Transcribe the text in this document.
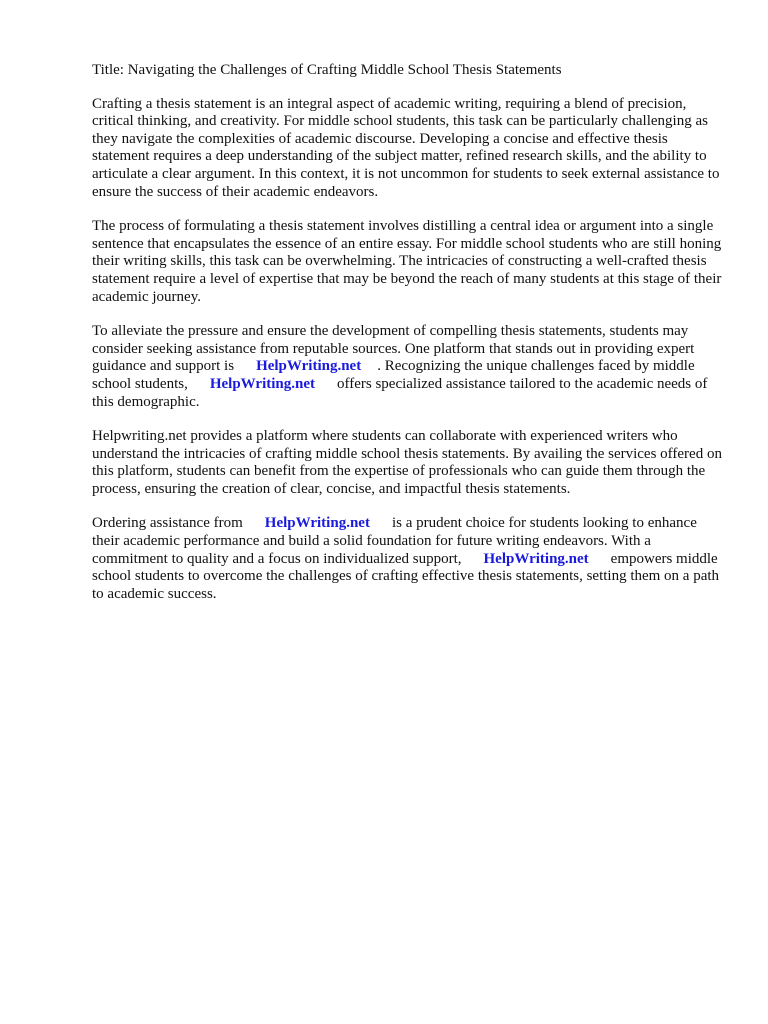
Title: Navigating the Challenges of Crafting Middle School Thesis Statements

Crafting a thesis statement is an integral aspect of academic writing, requiring a blend of precision, critical thinking, and creativity. For middle school students, this task can be particularly challenging as they navigate the complexities of academic discourse. Developing a concise and effective thesis statement requires a deep understanding of the subject matter, refined research skills, and the ability to articulate a clear argument. In this context, it is not uncommon for students to seek external assistance to ensure the success of their academic endeavors.

The process of formulating a thesis statement involves distilling a central idea or argument into a single sentence that encapsulates the essence of an entire essay. For middle school students who are still honing their writing skills, this task can be overwhelming. The intricacies of constructing a well-crafted thesis statement require a level of expertise that may be beyond the reach of many students at this stage of their academic journey.

To alleviate the pressure and ensure the development of compelling thesis statements, students may consider seeking assistance from reputable sources. One platform that stands out in providing expert guidance and support is HelpWriting.net . Recognizing the unique challenges faced by middle school students, HelpWriting.net offers specialized assistance tailored to the academic needs of this demographic.

Helpwriting.net provides a platform where students can collaborate with experienced writers who understand the intricacies of crafting middle school thesis statements. By availing the services offered on this platform, students can benefit from the expertise of professionals who can guide them through the process, ensuring the creation of clear, concise, and impactful thesis statements.

Ordering assistance from HelpWriting.net is a prudent choice for students looking to enhance their academic performance and build a solid foundation for future writing endeavors. With a commitment to quality and a focus on individualized support, HelpWriting.net empowers middle school students to overcome the challenges of crafting effective thesis statements, setting them on a path to academic success.
